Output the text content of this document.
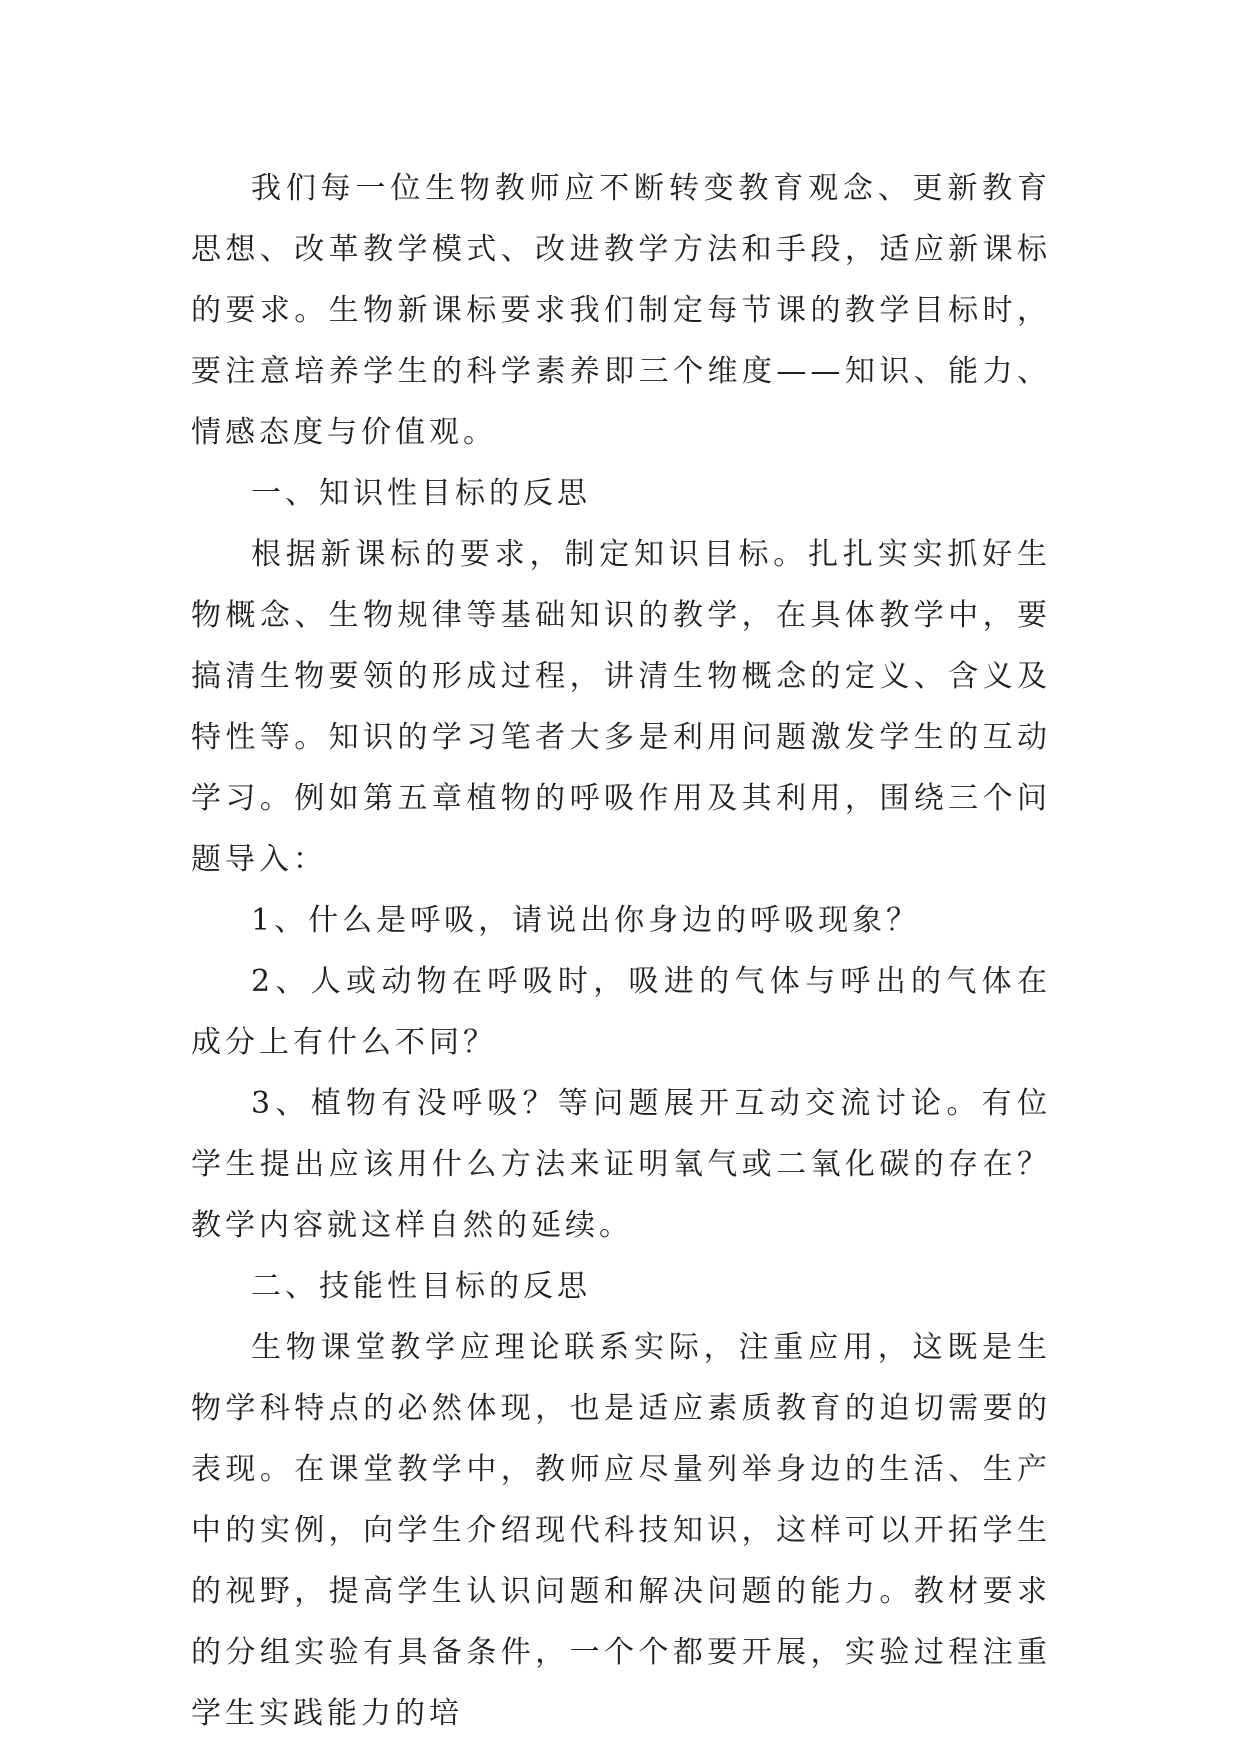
我们每一位生物教师应不断转变教育观念、更新教育思想、改革教学模式、改进教学方法和手段，适应新课标的要求。生物新课标要求我们制定每节课的教学目标时，要注意培养学生的科学素养即三个维度——知识、能力、情感态度与价值观。

一、知识性目标的反思

根据新课标的要求，制定知识目标。扎扎实实抓好生物概念、生物规律等基础知识的教学，在具体教学中，要搞清生物要领的形成过程，讲清生物概念的定义、含义及特性等。知识的学习笔者大多是利用问题激发学生的互动学习。例如第五章植物的呼吸作用及其利用，围绕三个问题导入：

1、什么是呼吸，请说出你身边的呼吸现象？

2、人或动物在呼吸时，吸进的气体与呼出的气体在成分上有什么不同？

3、植物有没呼吸？等问题展开互动交流讨论。有位学生提出应该用什么方法来证明氧气或二氧化碳的存在？教学内容就这样自然的延续。

二、技能性目标的反思

生物课堂教学应理论联系实际，注重应用，这既是生物学科特点的必然体现，也是适应素质教育的迫切需要的表现。在课堂教学中，教师应尽量列举身边的生活、生产中的实例，向学生介绍现代科技知识，这样可以开拓学生的视野，提高学生认识问题和解决问题的能力。教材要求的分组实验有具备条件，一个个都要开展，实验过程注重学生实践能力的培
